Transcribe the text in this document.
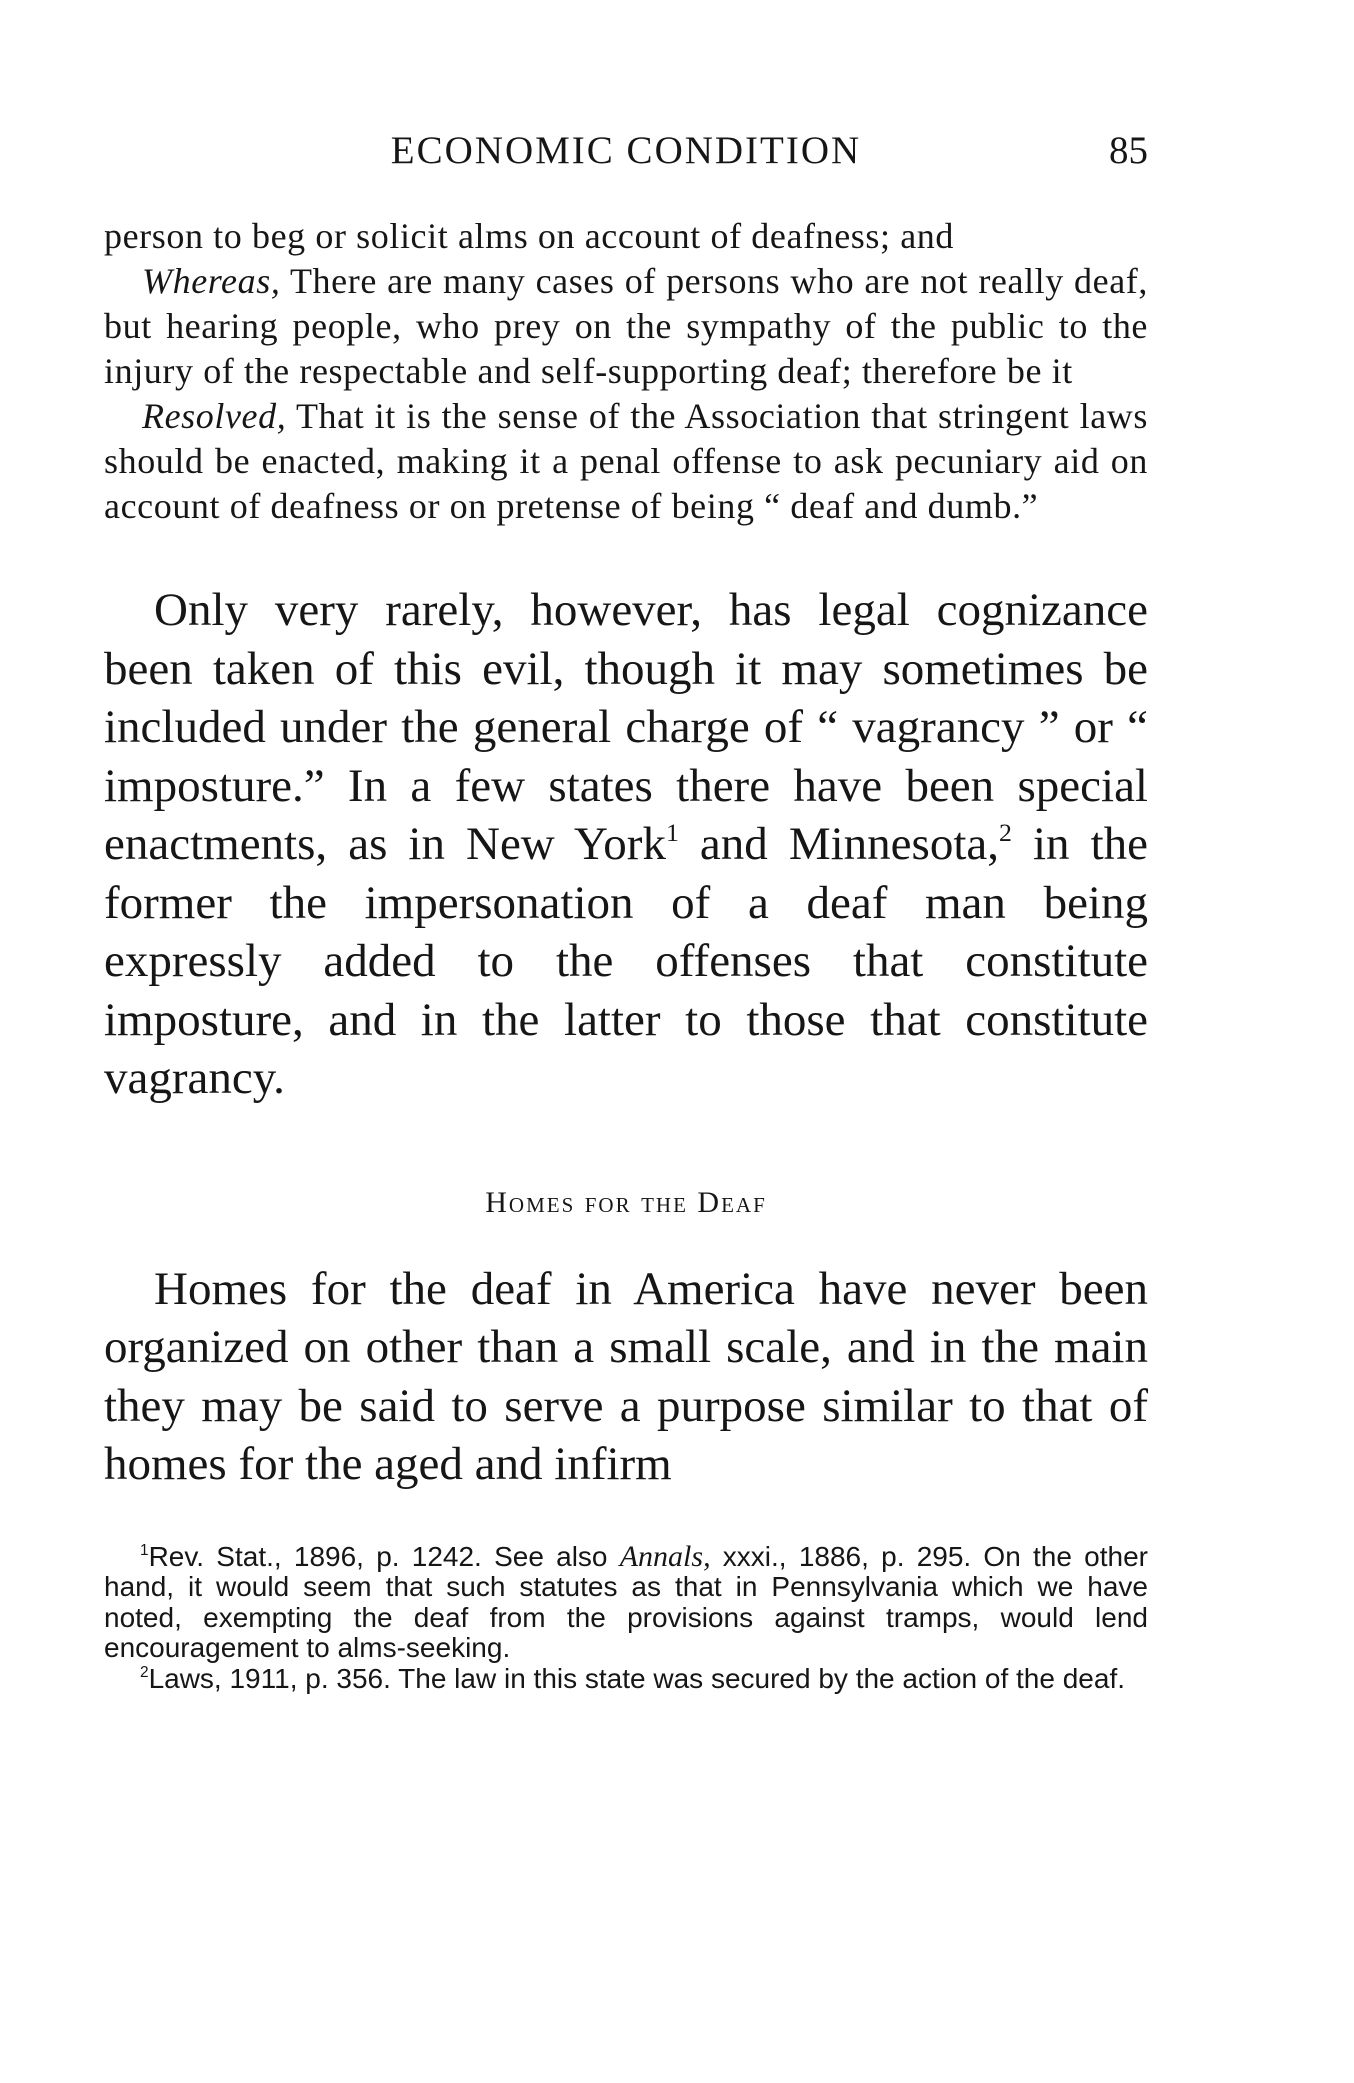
ECONOMIC CONDITION	85

person to beg or solicit alms on account of deafness; and

Whereas, There are many cases of persons who are not really deaf, but hearing people, who prey on the sympathy of the public to the injury of the respectable and self-supporting deaf; therefore be it

Resolved, That it is the sense of the Association that stringent laws should be enacted, making it a penal offense to ask pecuniary aid on account of deafness or on pretense of being “ deaf and dumb.”

Only very rarely, however, has legal cognizance been taken of this evil, though it may sometimes be included under the general charge of “ vagrancy ” or “ imposture.” In a few states there have been special enactments, as in New York$^1$ and Minnesota,$^2$ in the former the impersonation of a deaf man being expressly added to the offenses that constitute imposture, and in the latter to those that constitute vagrancy.

Homes for the Deaf

Homes for the deaf in America have never been organized on other than a small scale, and in the main they may be said to serve a purpose similar to that of homes for the aged and infirm

$^1$Rev. Stat., 1896, p. 1242. See also Annals, xxxi., 1886, p. 295. On the other hand, it would seem that such statutes as that in Pennsylvania which we have noted, exempting the deaf from the provisions against tramps, would lend encouragement to alms-seeking.

$^2$Laws, 1911, p. 356. The law in this state was secured by the action of the deaf.
